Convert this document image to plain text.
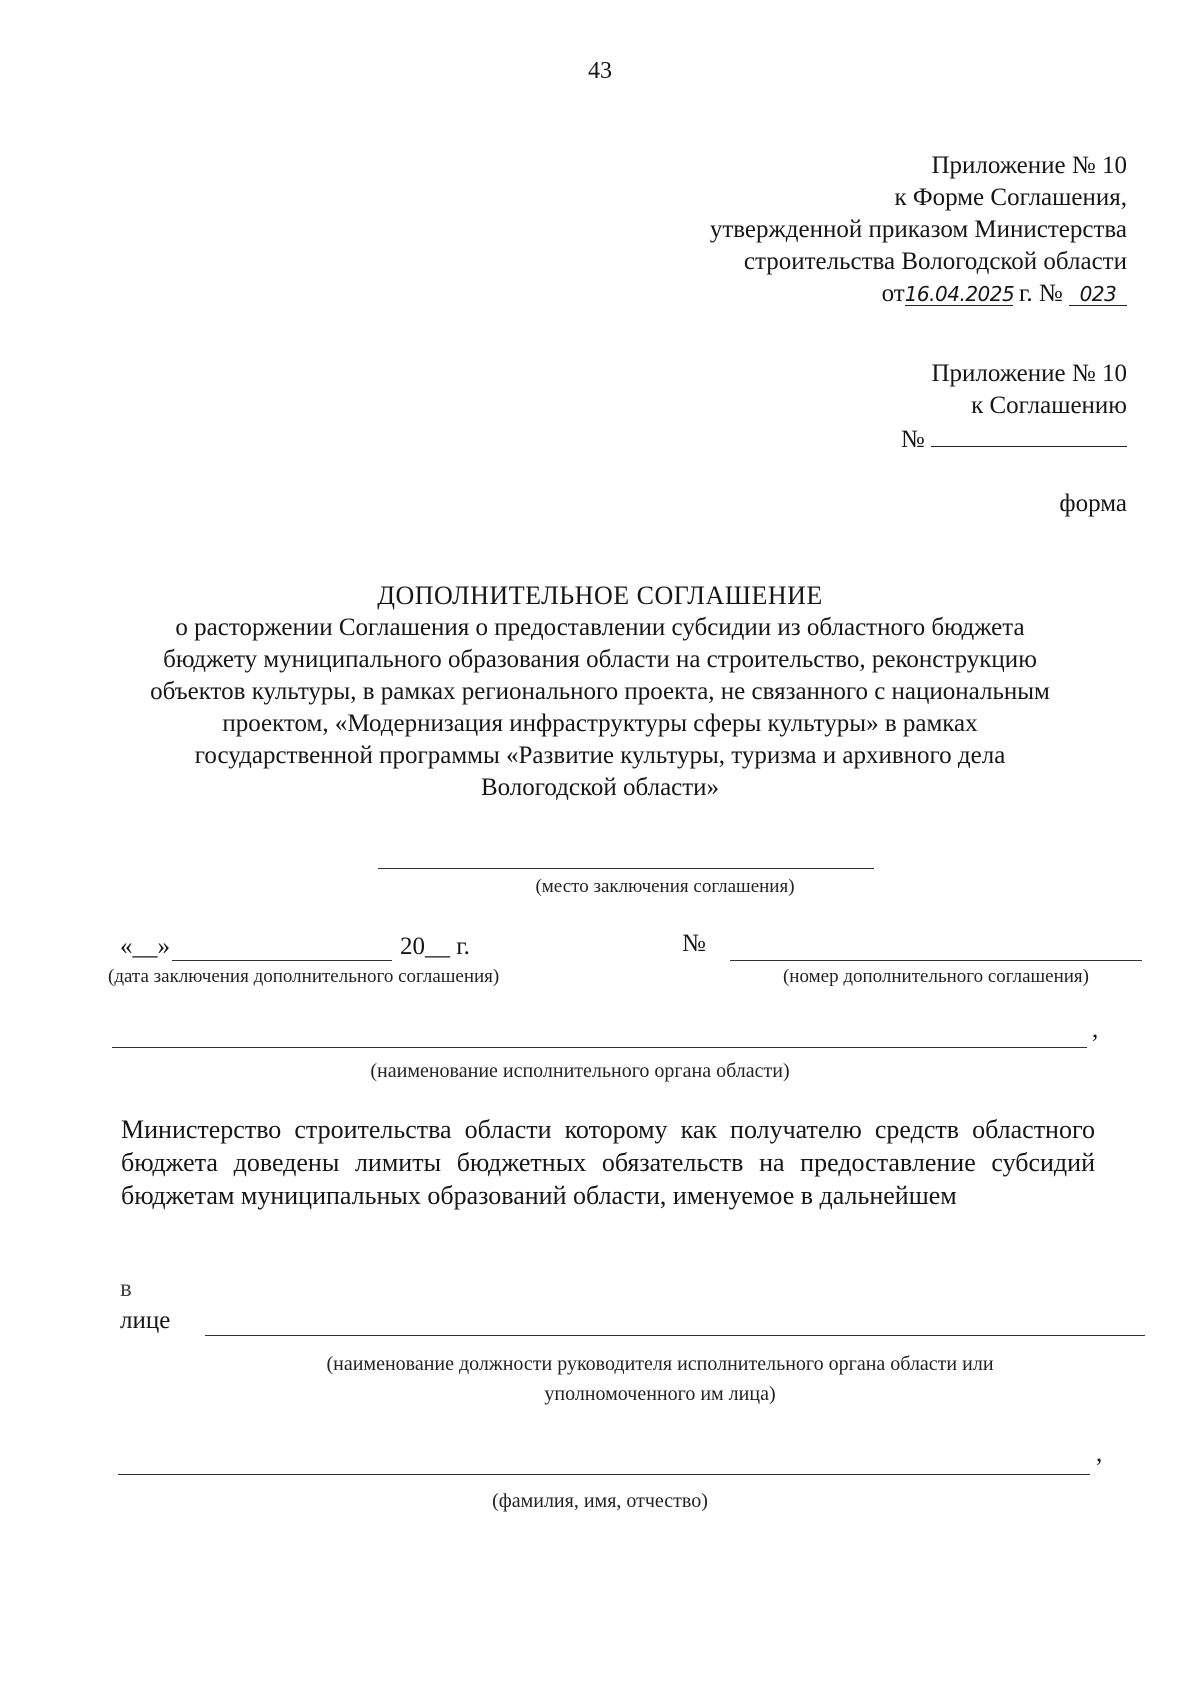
43
Приложение № 10
к Форме Соглашения,
утвержденной приказом Министерства
строительства Вологодской области
от16.04.2025 г. № 023
Приложение № 10
к Соглашению
№
форма
ДОПОЛНИТЕЛЬНОЕ СОГЛАШЕНИЕ
о расторжении Соглашения о предоставлении субсидии из областного бюджета
бюджету муниципального образования области на строительство, реконструкцию
объектов культуры, в рамках регионального проекта, не связанного с национальным
проектом, «Модернизация инфраструктуры сферы культуры» в рамках
государственной программы «Развитие культуры, туризма и архивного дела
Вологодской области»
(место заключения соглашения)
«__»	20__ г.
(дата заключения дополнительного соглашения)
№
(номер дополнительного соглашения)
,
(наименование исполнительного органа области)
Министерство строительства области которому как получателю средств областного бюджета доведены лимиты бюджетных обязательств на предоставление субсидий бюджетам муниципальных образований области, именуемое в дальнейшем
в
лице
(наименование должности руководителя исполнительного органа области или
уполномоченного им лица)
,
(фамилия, имя, отчество)
